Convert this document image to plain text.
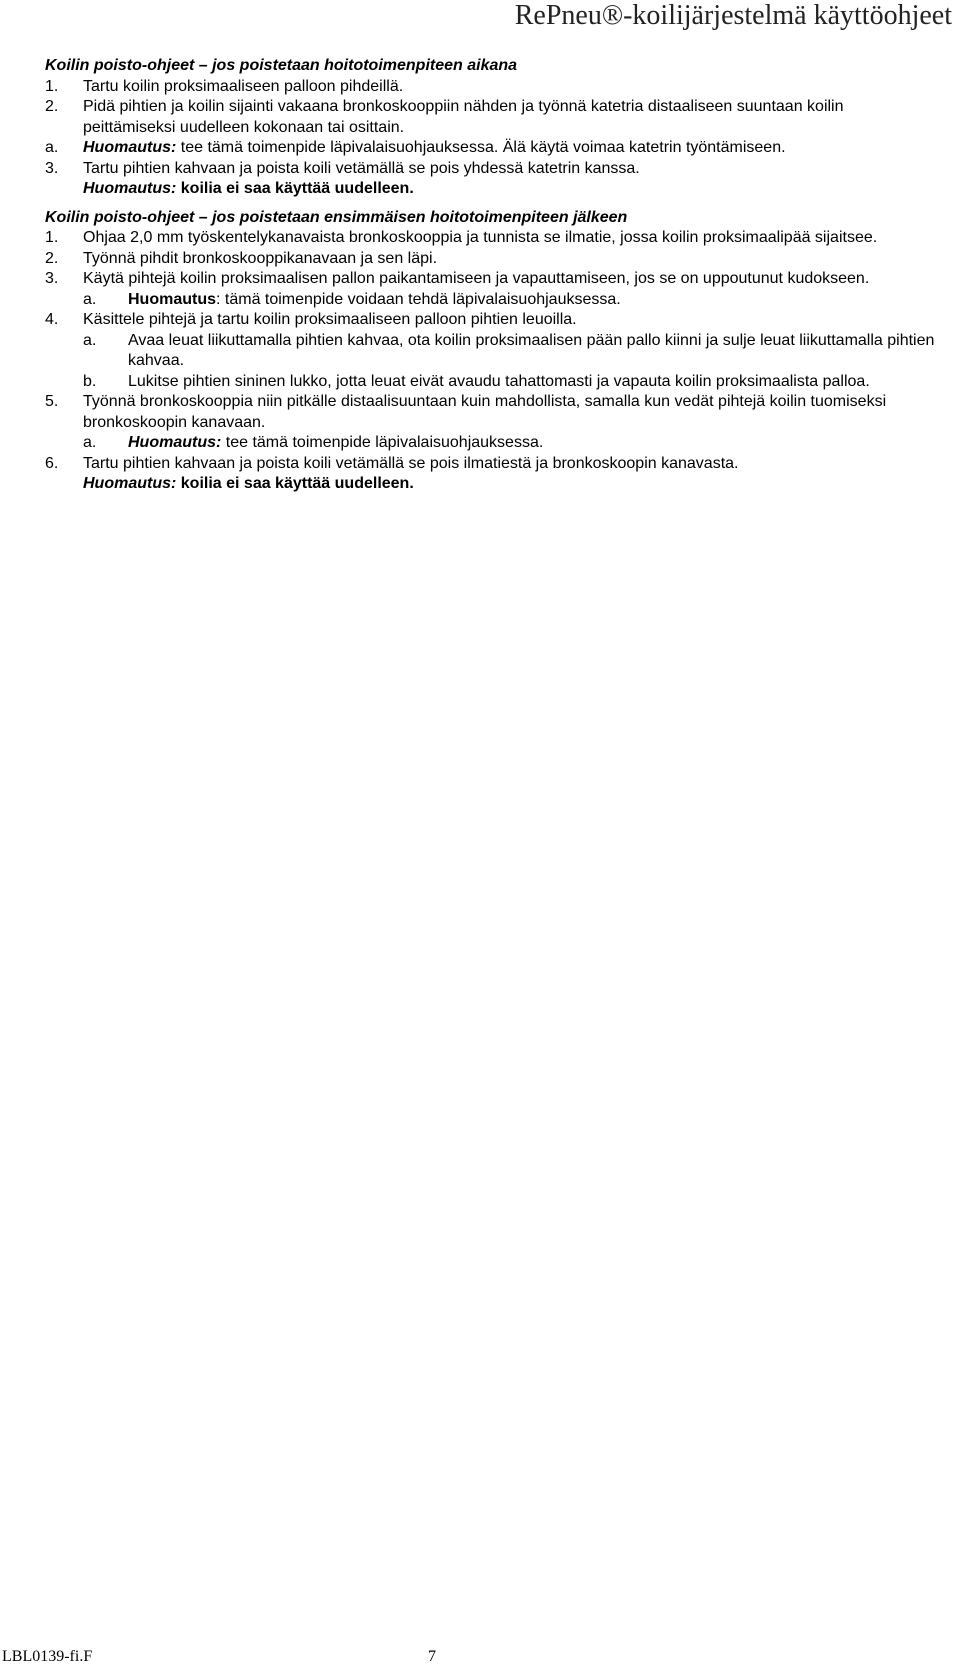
RePneu®-koilijärjestelmä käyttöohjeet
Koilin poisto-ohjeet – jos poistetaan hoitotoimenpiteen aikana
1. Tartu koilin proksimaaliseen palloon pihdeillä.
2. Pidä pihtien ja koilin sijainti vakaana bronkoskooppiin nähden ja työnnä katetria distaaliseen suuntaan koilin peittämiseksi uudelleen kokonaan tai osittain.
a. Huomautus: tee tämä toimenpide läpivalaisuohjauksessa. Älä käytä voimaa katetrin työntämiseen.
3. Tartu pihtien kahvaan ja poista koili vetämällä se pois yhdessä katetrin kanssa.
Huomautus: koilia ei saa käyttää uudelleen.
Koilin poisto-ohjeet – jos poistetaan ensimmäisen hoitotoimenpiteen jälkeen
1. Ohjaa 2,0 mm työskentelykanavaista bronkoskooppia ja tunnista se ilmatie, jossa koilin proksimaalipää sijaitsee.
2. Työnnä pihdit bronkoskooppikanavaan ja sen läpi.
3. Käytä pihtejä koilin proksimaalisen pallon paikantamiseen ja vapauttamiseen, jos se on uppoutunut kudokseen.
a. Huomautus: tämä toimenpide voidaan tehdä läpivalaisuohjauksessa.
4. Käsittele pihtejä ja tartu koilin proksimaaliseen palloon pihtien leuoilla.
a. Avaa leuat liikuttamalla pihtien kahvaa, ota koilin proksimaalisen pään pallo kiinni ja sulje leuat liikuttamalla pihtien kahvaa.
b. Lukitse pihtien sininen lukko, jotta leuat eivät avaudu tahattomasti ja vapauta koilin proksimaalista palloa.
5. Työnnä bronkoskooppia niin pitkälle distaalisuuntaan kuin mahdollista, samalla kun vedät pihtejä koilin tuomiseksi bronkoskoopin kanavaan.
a. Huomautus: tee tämä toimenpide läpivalaisuohjauksessa.
6. Tartu pihtien kahvaan ja poista koili vetämällä se pois ilmatiestä ja bronkoskoopin kanavasta.
Huomautus: koilia ei saa käyttää uudelleen.
LBL0139-fi.F	7
